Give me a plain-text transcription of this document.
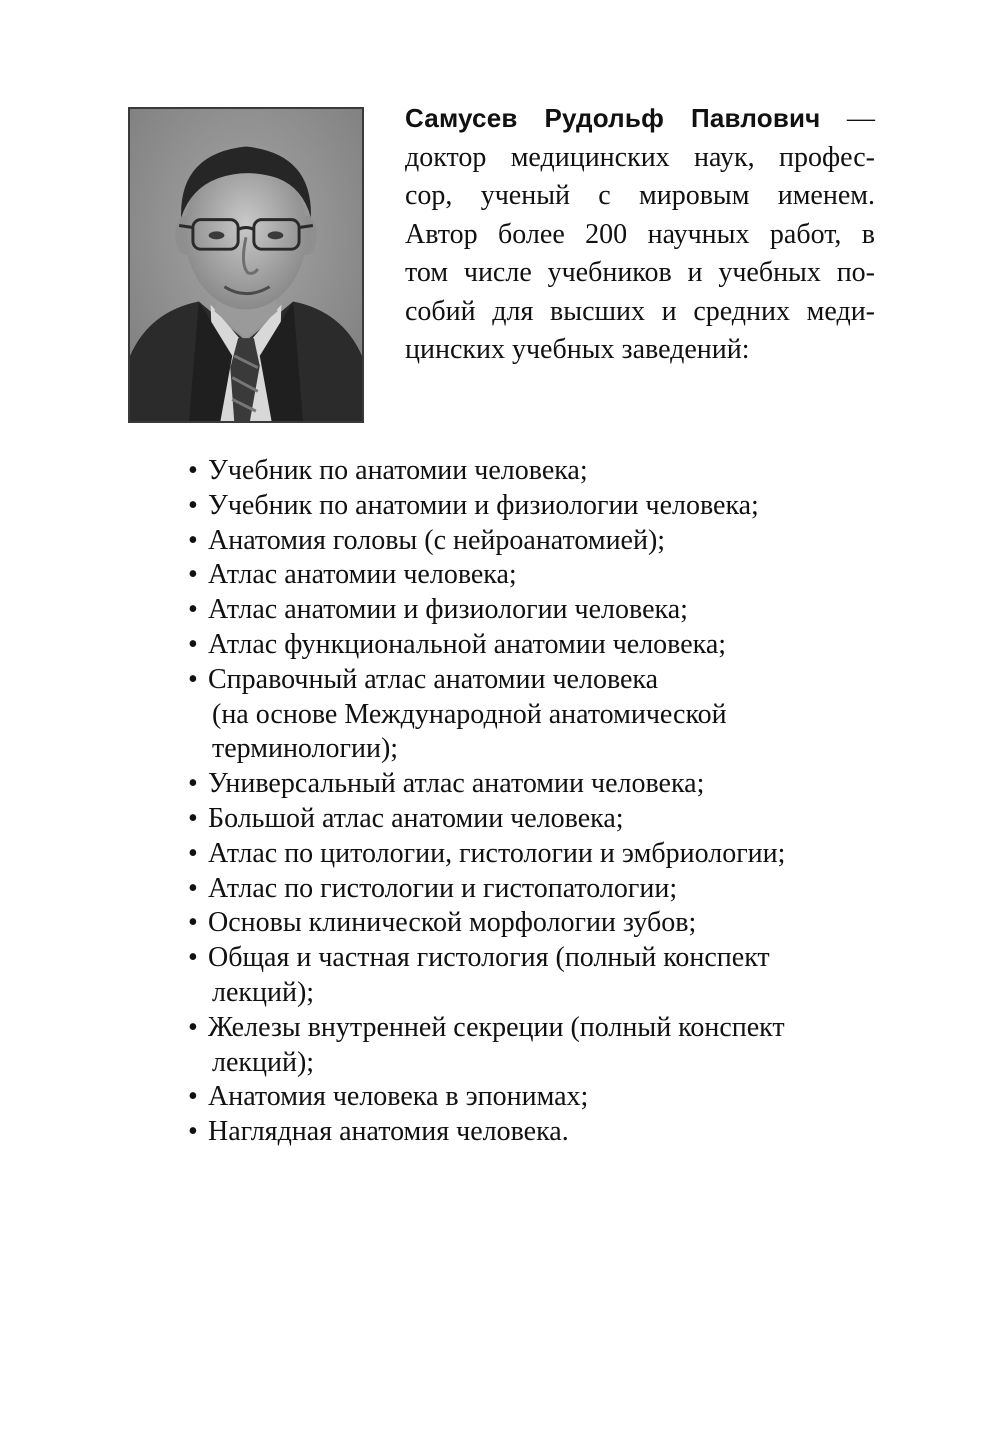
Самусев Рудольф Павлович —
доктор медицинских наук, профес-
сор, ученый с мировым именем.
Автор более 200 научных работ, в
том числе учебников и учебных по-
собий для высших и средних меди-
цинских учебных заведений:
• Учебник по анатомии человека;
• Учебник по анатомии и физиологии человека;
• Анатомия головы (с нейроанатомией);
• Атлас анатомии человека;
• Атлас анатомии и физиологии человека;
• Атлас функциональной анатомии человека;
• Справочный атлас анатомии человека
(на основе Международной анатомической
терминологии);
• Универсальный атлас анатомии человека;
• Большой атлас анатомии человека;
• Атлас по цитологии, гистологии и эмбриологии;
• Атлас по гистологии и гистопатологии;
• Основы клинической морфологии зубов;
• Общая и частная гистология (полный конспект
лекций);
• Железы внутренней секреции (полный конспект
лекций);
• Анатомия человека в эпонимах;
• Наглядная анатомия человека.
